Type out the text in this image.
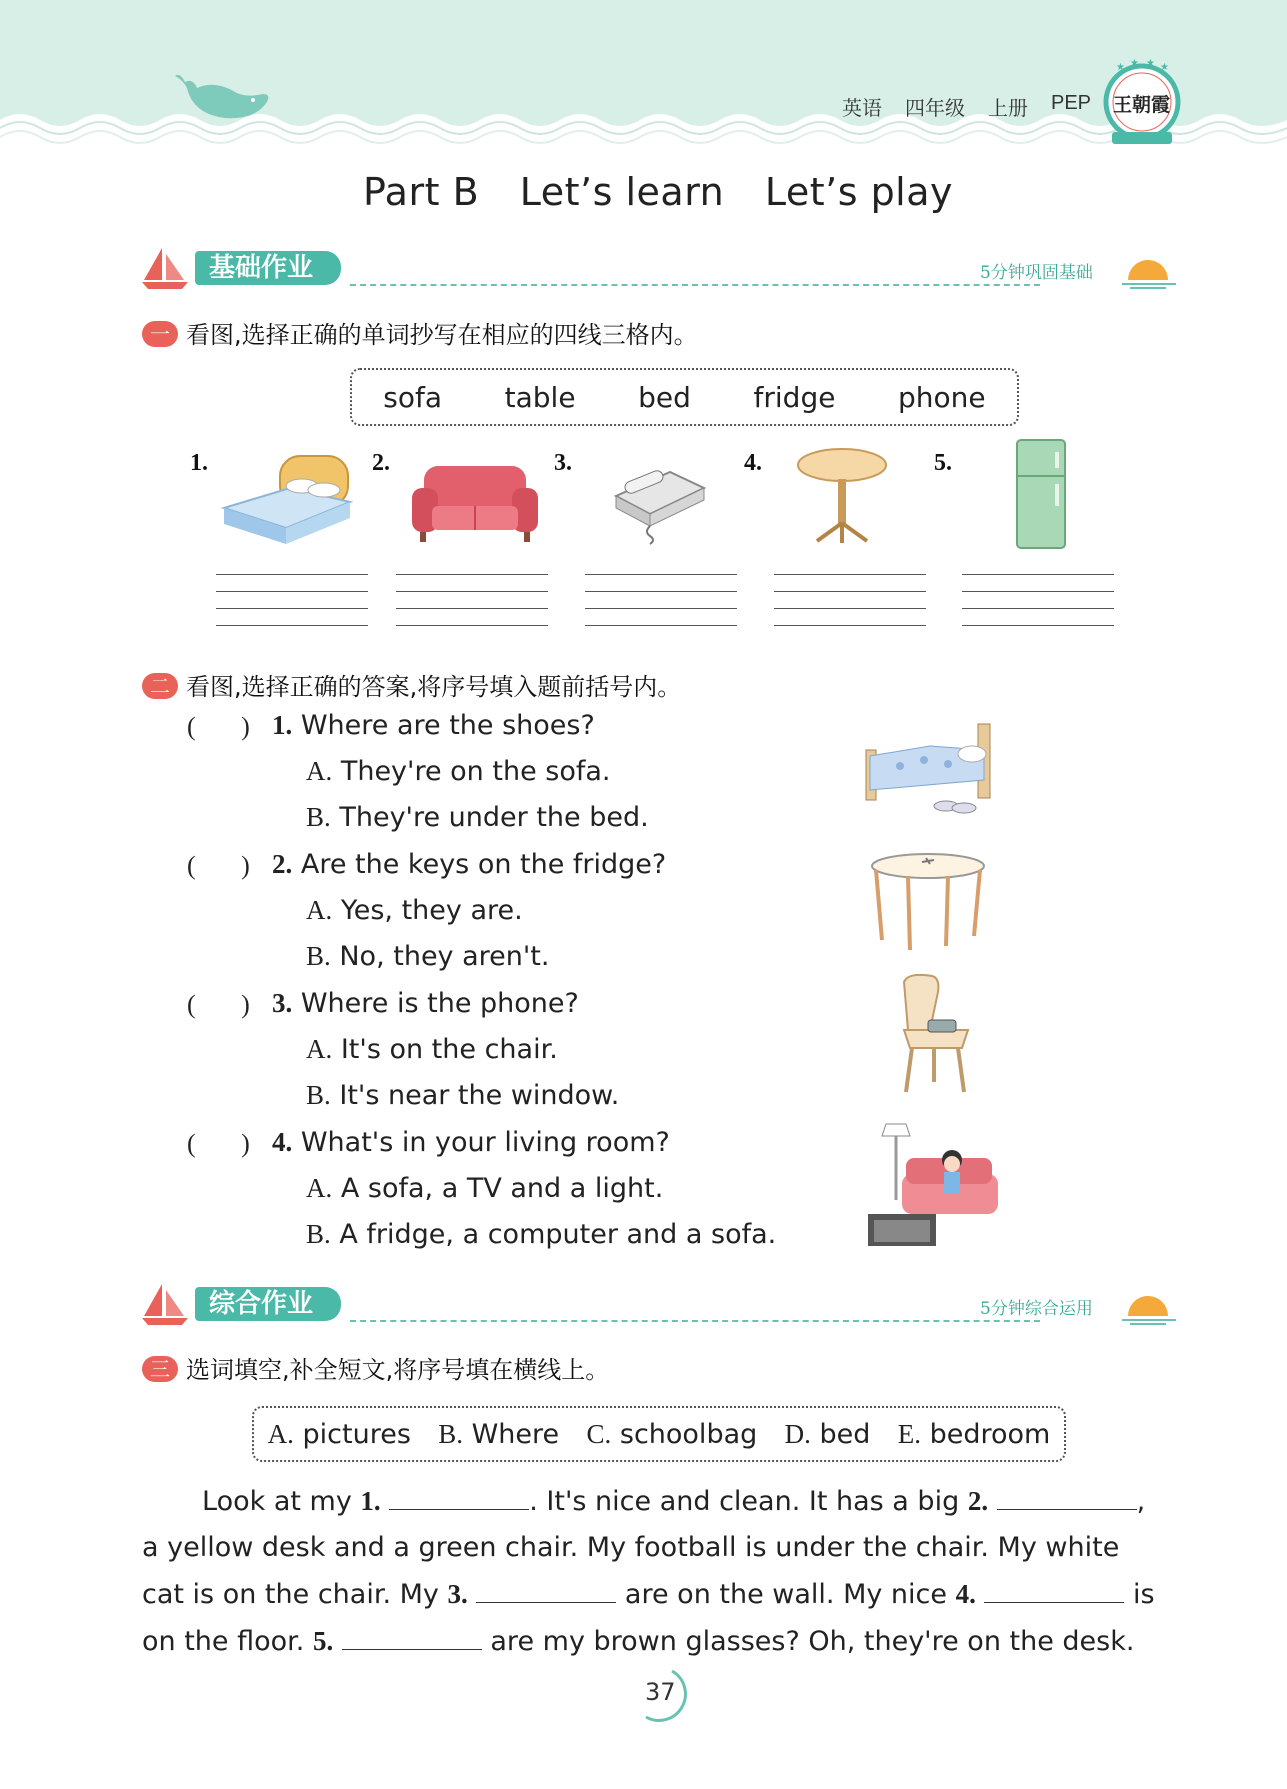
英语 四年级 上册 PEP
★ ★ ★ ★
王朝霞
Part B Let’s learn Let’s play
基础作业	5分钟巩固基础
一 看图,选择正确的单词抄写在相应的四线三格内。
sofa table bed fridge phone
1.	2.	3.	4.	5.
二 看图,选择正确的答案,将序号填入题前括号内。
(       ) 1. Where are the shoes?
A. They're on the sofa.
B. They're under the bed.
(       ) 2. Are the keys on the fridge?
A. Yes, they are.
B. No, they aren't.
(       ) 3. Where is the phone?
A. It's on the chair.
B. It's near the window.
(       ) 4. What's in your living room?
A. A sofa, a TV and a light.
B. A fridge, a computer and a sofa.
综合作业	5分钟综合运用
三 选词填空,补全短文,将序号填在横线上。
A. pictures B. Where C. schoolbag D. bed E. bedroom
Look at my 1.	. It's nice and clean. It has a big 2.	,
a yellow desk and a green chair. My football is under the chair. My white
cat is on the chair. My 3.	are on the wall. My nice 4.	is
on the floor. 5.	are my brown glasses? Oh, they're on the desk.
37
